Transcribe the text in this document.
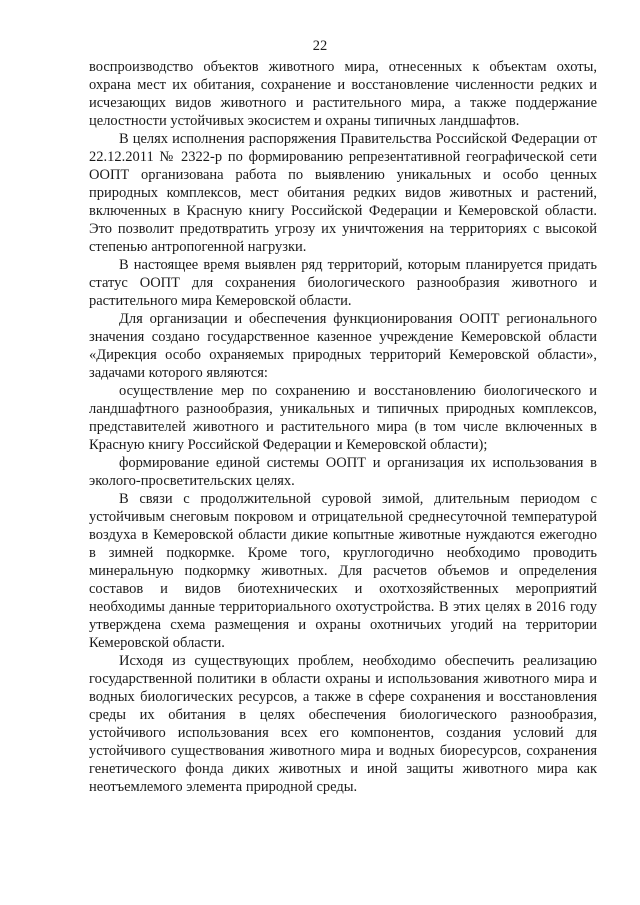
22

воспроизводство объектов животного мира, отнесенных к объектам охоты, охрана мест их обитания, сохранение и восстановление численности редких и исчезающих видов животного и растительного мира, а также поддержание целостности устойчивых экосистем и охраны типичных ландшафтов.

В целях исполнения распоряжения Правительства Российской Федерации от 22.12.2011 № 2322-р по формированию репрезентативной географической сети ООПТ организована работа по выявлению уникальных и особо ценных природных комплексов, мест обитания редких видов животных и растений, включенных в Красную книгу Российской Федерации и Кемеровской области. Это позволит предотвратить угрозу их уничтожения на территориях с высокой степенью антропогенной нагрузки.

В настоящее время выявлен ряд территорий, которым планируется придать статус ООПТ для сохранения биологического разнообразия животного и растительного мира Кемеровской области.

Для организации и обеспечения функционирования ООПТ регионального значения создано государственное казенное учреждение Кемеровской области «Дирекция особо охраняемых природных территорий Кемеровской области», задачами которого являются:

осуществление мер по сохранению и восстановлению биологического и ландшафтного разнообразия, уникальных и типичных природных комплексов, представителей животного и растительного мира (в том числе включенных в Красную книгу Российской Федерации и Кемеровской области);

формирование единой системы ООПТ и организация их использования в эколого-просветительских целях.

В связи с продолжительной суровой зимой, длительным периодом с устойчивым снеговым покровом и отрицательной среднесуточной температурой воздуха в Кемеровской области дикие копытные животные нуждаются ежегодно в зимней подкормке. Кроме того, круглогодично необходимо проводить минеральную подкормку животных. Для расчетов объемов и определения составов и видов биотехнических и охотхозяйственных мероприятий необходимы данные территориального охотустройства. В этих целях в 2016 году утверждена схема размещения и охраны охотничьих угодий на территории Кемеровской области.

Исходя из существующих проблем, необходимо обеспечить реализацию государственной политики в области охраны и использования животного мира и водных биологических ресурсов, а также в сфере сохранения и восстановления среды их обитания в целях обеспечения биологического разнообразия, устойчивого использования всех его компонентов, создания условий для устойчивого существования животного мира и водных биоресурсов, сохранения генетического фонда диких животных и иной защиты животного мира как неотъемлемого элемента природной среды.
